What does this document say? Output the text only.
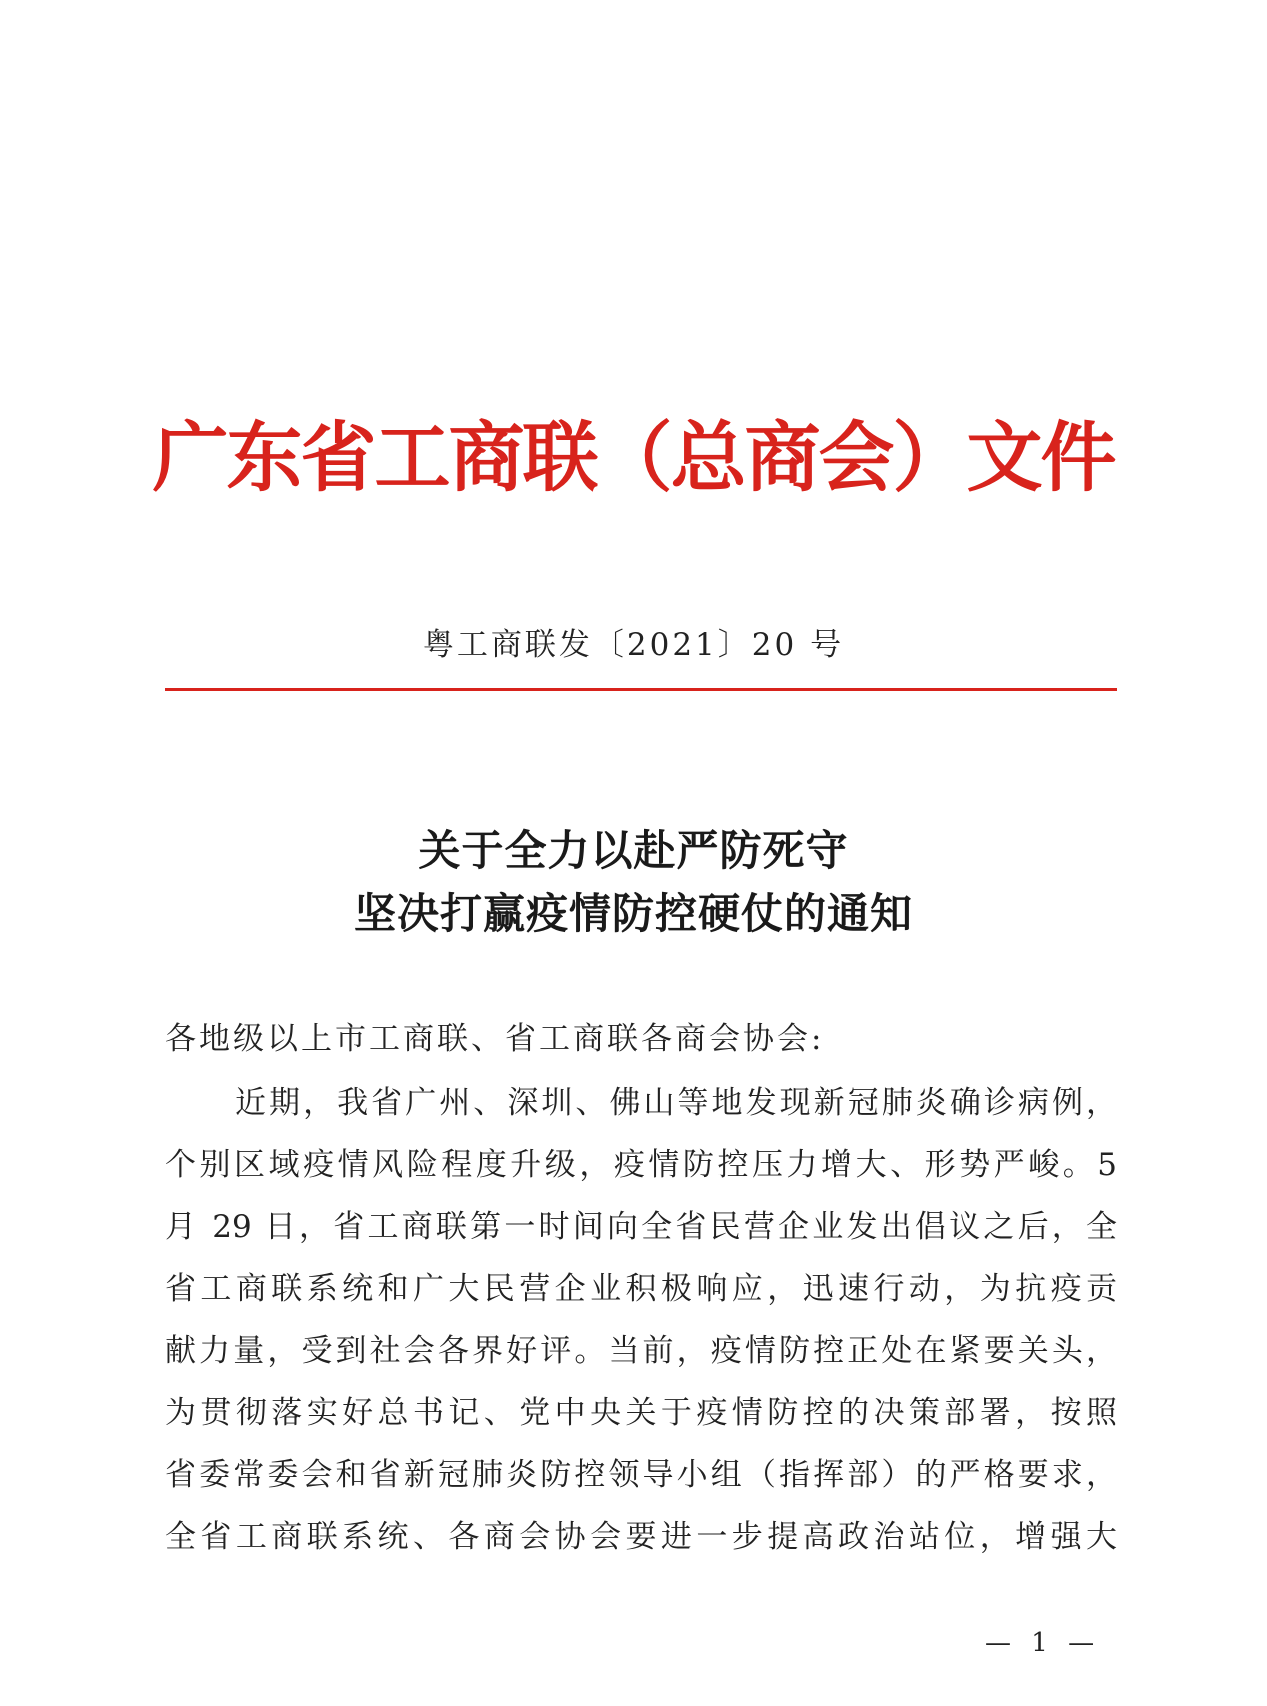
广东省工商联（总商会）文件
粤工商联发〔2021〕20 号
关于全力以赴严防死守
坚决打赢疫情防控硬仗的通知
各地级以上市工商联、省工商联各商会协会:
近期，我省广州、深圳、佛山等地发现新冠肺炎确诊病例，
个别区域疫情风险程度升级，疫情防控压力增大、形势严峻。5
月 29 日，省工商联第一时间向全省民营企业发出倡议之后，全
省工商联系统和广大民营企业积极响应，迅速行动，为抗疫贡
献力量，受到社会各界好评。当前，疫情防控正处在紧要关头，
为贯彻落实好总书记、党中央关于疫情防控的决策部署，按照
省委常委会和省新冠肺炎防控领导小组（指挥部）的严格要求，
全省工商联系统、各商会协会要进一步提高政治站位，增强大
— 1 —
